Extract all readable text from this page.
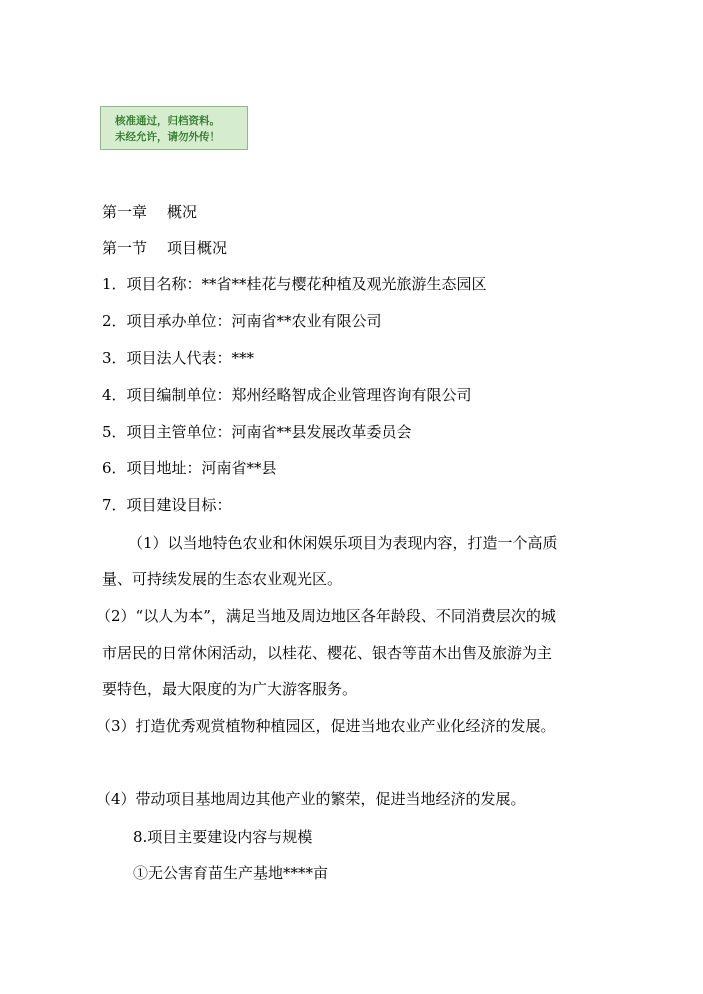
核准通过，归档资料。
未经允许，请勿外传！
第一章 概况
第一节 项目概况
1．项目名称：**省**桂花与樱花种植及观光旅游生态园区
2．项目承办单位：河南省**农业有限公司
3．项目法人代表：***
4．项目编制单位：郑州经略智成企业管理咨询有限公司
5．项目主管单位：河南省**县发展改革委员会
6．项目地址：河南省**县
7．项目建设目标：
（1）以当地特色农业和休闲娱乐项目为表现内容，打造一个高质
量、可持续发展的生态农业观光区。
（2）“以人为本”，满足当地及周边地区各年龄段、不同消费层次的城
市居民的日常休闲活动，以桂花、樱花、银杏等苗木出售及旅游为主
要特色，最大限度的为广大游客服务。
（3）打造优秀观赏植物种植园区，促进当地农业产业化经济的发展。
（4）带动项目基地周边其他产业的繁荣，促进当地经济的发展。
8.项目主要建设内容与规模
①无公害育苗生产基地****亩
